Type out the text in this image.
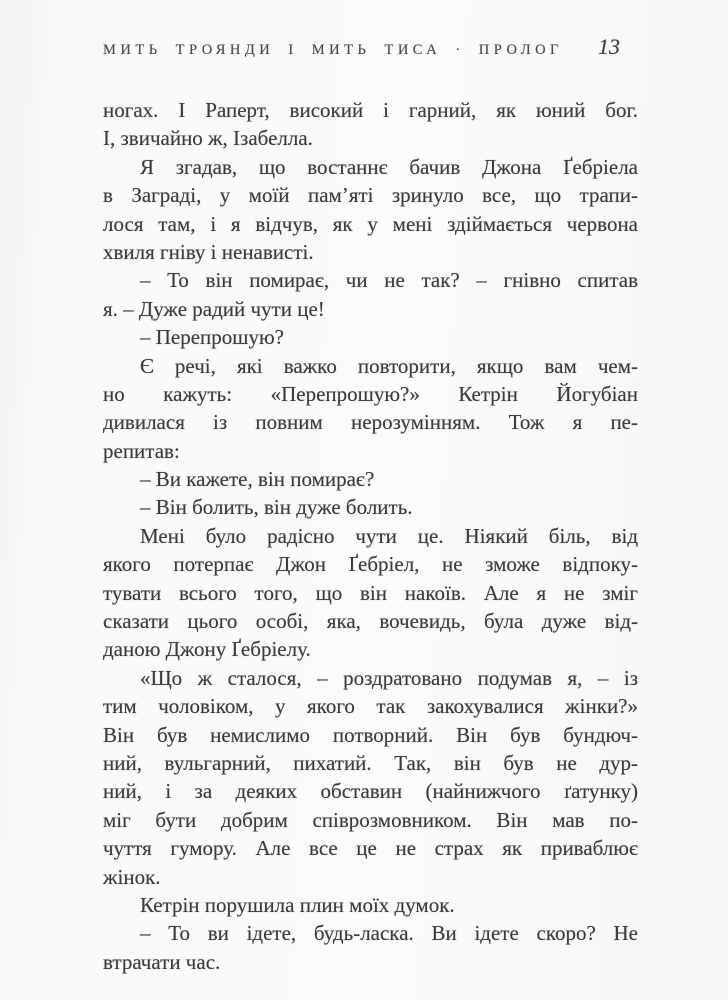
МИТЬ ТРОЯНДИ І МИТЬ ТИСА · ПРОЛОГ	13
ногах. І Раперт, високий і гарний, як юний бог.
І, звичайно ж, Ізабелла.
Я згадав, що востаннє бачив Джона Ґебріела
в Заграді, у моїй пам’яті зринуло все, що трапи-
лося там, і я відчув, як у мені здіймається червона
хвиля гніву і ненависті.
– То він помирає, чи не так? – гнівно спитав
я. – Дуже радий чути це!
– Перепрошую?
Є речі, які важко повторити, якщо вам чем-
но кажуть: «Перепрошую?» Кетрін Йогубіан
дивилася із повним нерозумінням. Тож я пе-
репитав:
– Ви кажете, він помирає?
– Він болить, він дуже болить.
Мені було радісно чути це. Ніякий біль, від
якого потерпає Джон Ґебріел, не зможе відпоку-
тувати всього того, що він накоїв. Але я не зміг
сказати цього особі, яка, вочевидь, була дуже від-
даною Джону Ґебріелу.
«Що ж сталося, – роздратовано подумав я, – із
тим чоловіком, у якого так закохувалися жінки?»
Він був немислимо потворний. Він був бундюч-
ний, вульгарний, пихатий. Так, він був не дур-
ний, і за деяких обставин (найнижчого ґатунку)
міг бути добрим співрозмовником. Він мав по-
чуття гумору. Але все це не страх як приваблює
жінок.
Кетрін порушила плин моїх думок.
– То ви ідете, будь-ласка. Ви ідете скоро? Не
втрачати час.
